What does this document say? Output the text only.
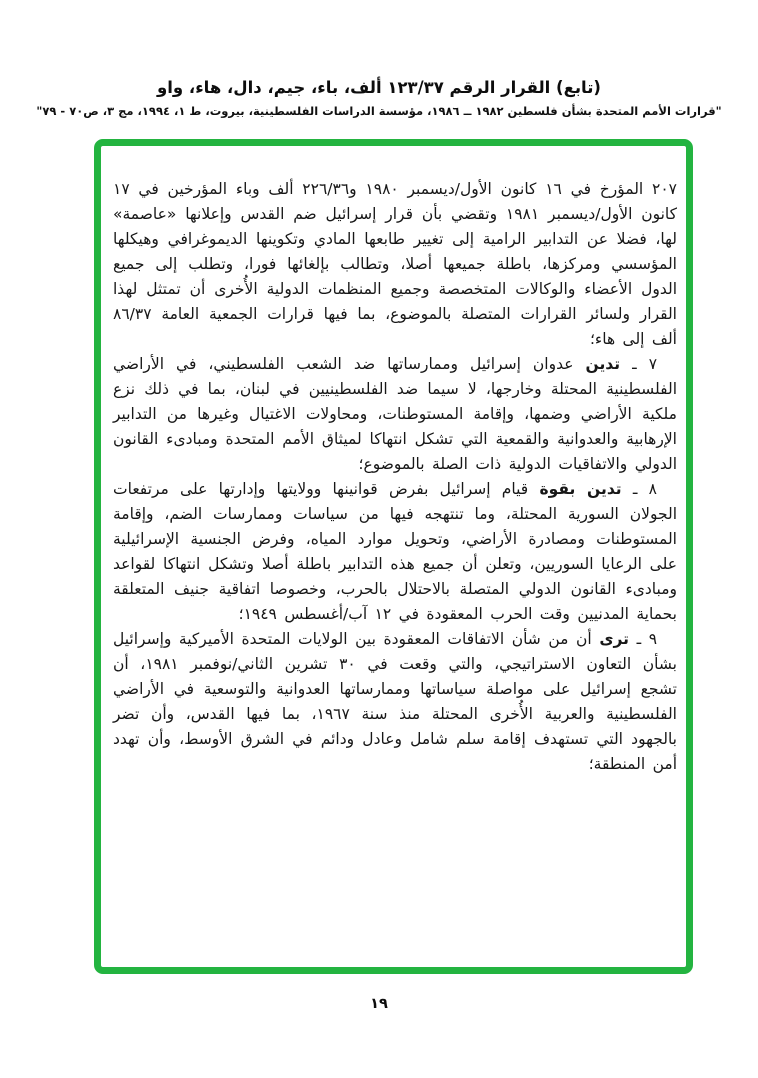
(تابع) القرار الرقم ١٢٣/٣٧ ألف، باء، جيم، دال، هاء، واو
"قرارات الأمم المتحدة بشأن فلسطين ١٩٨٢ ــ ١٩٨٦، مؤسسة الدراسات الفلسطينية، بيروت، ط ١، ١٩٩٤، مج ٣، ص٧٠ - ٧٩"

٢٠٧ المؤرخ في ١٦ كانون الأول/ديسمبر ١٩٨٠ و٢٢٦/٣٦ ألف وباء المؤرخين في ١٧ كانون الأول/ديسمبر ١٩٨١ وتقضي بأن قرار إسرائيل ضم القدس وإعلانها «عاصمة» لها، فضلا عن التدابير الرامية إلى تغيير طابعها المادي وتكوينها الديموغرافي وهيكلها المؤسسي ومركزها، باطلة جميعها أصلا، وتطالب بإلغائها فورا، وتطلب إلى جميع الدول الأعضاء والوكالات المتخصصة وجميع المنظمات الدولية الأُخرى أن تمتثل لهذا القرار ولسائر القرارات المتصلة بالموضوع، بما فيها قرارات الجمعية العامة ٨٦/٣٧ ألف إلى هاء؛

٧ ـ تدين عدوان إسرائيل وممارساتها ضد الشعب الفلسطيني، في الأراضي الفلسطينية المحتلة وخارجها، لا سيما ضد الفلسطينيين في لبنان، بما في ذلك نزع ملكية الأراضي وضمها، وإقامة المستوطنات، ومحاولات الاغتيال وغيرها من التدابير الإرهابية والعدوانية والقمعية التي تشكل انتهاكا لميثاق الأمم المتحدة ومبادىء القانون الدولي والاتفاقيات الدولية ذات الصلة بالموضوع؛

٨ ـ تدين بقوة قيام إسرائيل بفرض قوانينها وولايتها وإدارتها على مرتفعات الجولان السورية المحتلة، وما تنتهجه فيها من سياسات وممارسات الضم، وإقامة المستوطنات ومصادرة الأراضي، وتحويل موارد المياه، وفرض الجنسية الإسرائيلية على الرعايا السوريين، وتعلن أن جميع هذه التدابير باطلة أصلا وتشكل انتهاكا لقواعد ومبادىء القانون الدولي المتصلة بالاحتلال بالحرب، وخصوصا اتفاقية جنيف المتعلقة بحماية المدنيين وقت الحرب المعقودة في ١٢ آب/أغسطس ١٩٤٩؛

٩ ـ ترى أن من شأن الاتفاقات المعقودة بين الولايات المتحدة الأميركية وإسرائيل بشأن التعاون الاستراتيجي، والتي وقعت في ٣٠ تشرين الثاني/نوفمبر ١٩٨١، أن تشجع إسرائيل على مواصلة سياساتها وممارساتها العدوانية والتوسعية في الأراضي الفلسطينية والعربية الأُخرى المحتلة منذ سنة ١٩٦٧، بما فيها القدس، وأن تضر بالجهود التي تستهدف إقامة سلم شامل وعادل ودائم في الشرق الأوسط، وأن تهدد أمن المنطقة؛

١٩
